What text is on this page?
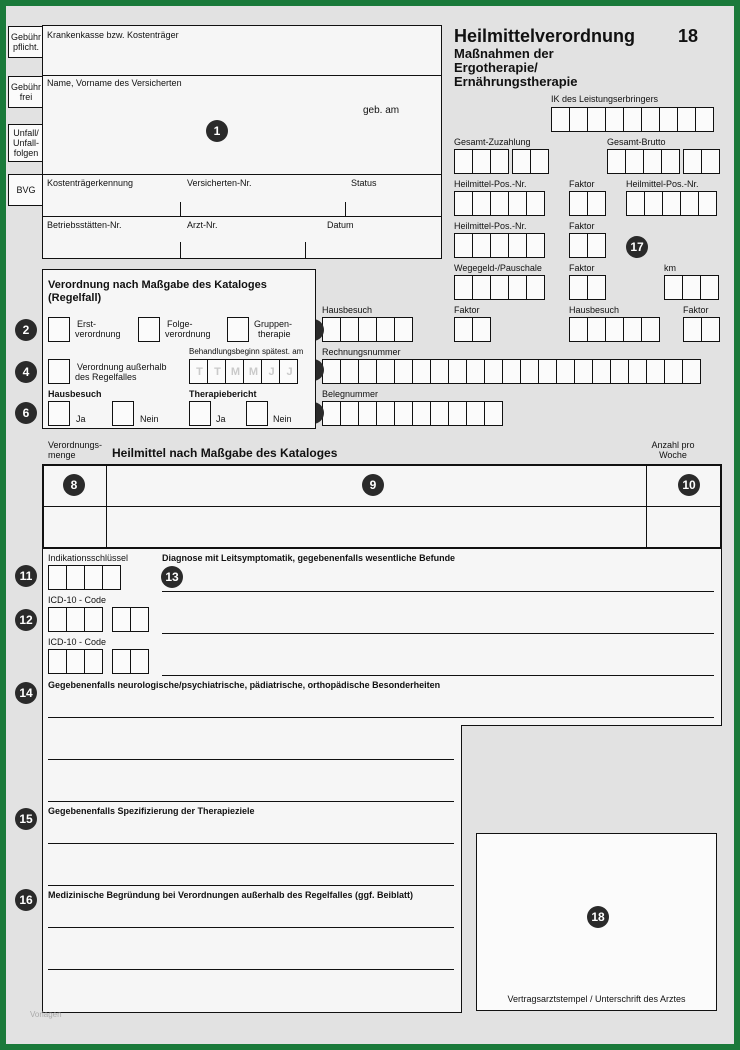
Gebühr pflicht.
Gebühr frei
Unfall/ Unfall-folgen
BVG
Krankenkasse bzw. Kostenträger
Name, Vorname des Versicherten
geb. am
Kostenträgerkennung	Versicherten-Nr.	Status
Betriebsstätten-Nr.	Arzt-Nr.	Datum
1
Heilmittelverordnung 18
Maßnahmen der
Ergotherapie/
Ernährungstherapie
IK des Leistungserbringers
Gesamt-Zuzahlung	Gesamt-Brutto
Heilmittel-Pos.-Nr.	Faktor	Heilmittel-Pos.-Nr.
Heilmittel-Pos.-Nr.	Faktor
17
Wegegeld-/Pauschale	Faktor	km
Hausbesuch	Faktor	Hausbesuch	Faktor
Rechnungsnummer
Belegnummer
Verordnung nach Maßgabe des Kataloges
(Regelfall)
Erst-
verordnung
Folge-
verordnung
Gruppen-
therapie
Verordnung außerhalb
des Regelfalles
Behandlungsbeginn spätest. am
T	T M M J	J
Hausbesuch
Ja	Nein
Therapiebericht
Ja	Nein
2
4
6
Verordnungs-
menge	Heilmittel nach Maßgabe des Kataloges
Anzahl pro
Woche
8	9	10
Indikationsschlüssel
ICD-10 - Code
ICD-10 - Code
Diagnose mit Leitsymptomatik, gegebenenfalls wesentliche Befunde
Gegebenenfalls neurologische/psychiatrische, pädiatrische, orthopädische Besonderheiten
Gegebenenfalls Spezifizierung der Therapieziele
Medizinische Begründung bei Verordnungen außerhalb des Regelfalles (ggf. Beiblatt)
Vorlagen
11
12
13
14
15
16
18
Vertragsarztstempel / Unterschrift des Arztes
